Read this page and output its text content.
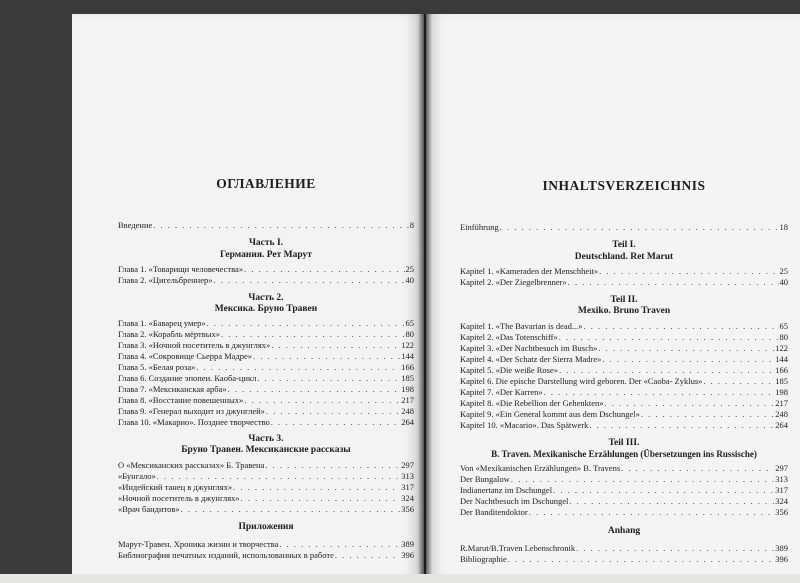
ОГЛАВЛЕНИЕ
Введение . . .	8
Часть I.
Германия. Рет Марут
Глава 1. «Товарищи человечества» . . .	25
Глава 2. «Цигельбреннер» . . .	40
Часть 2.
Мексика. Бруно Травен
Глава 1. «Баварец умер» . . .	65
Глава 2. «Корабль мёртвых» . . .	80
Глава 3. «Ночной посетитель в джунглях» . . .	122
Глава 4. «Сокровище Сьерра Мадре» . . .	144
Глава 5. «Белая роза» . . .	166
Глава 6. Создание эпопеи. Каоба-цикл . . .	185
Глава 7. «Мексиканская арба» . . .	198
Глава 8. «Восстание повешенных» . . .	217
Глава 9. «Генерал выходит из джунглей» . . .	248
Глава 10. «Макарио». Позднее творчество . . .	264
Часть 3.
Бруно Травен. Мексиканские рассказы
О «Мексиканских рассказах» Б. Травена . . .	297
«Бунгало» . . .	313
«Индейский танец в джунглях» . . .	317
«Ночной посетитель в джунглях» . . .	324
«Врач бандитов» . . .	356
Приложения
Марут-Травен. Хроника жизни и творчества . . .	389
Библиография печатных изданий, использованных в работе . . .	396
INHALTSVERZEICHNIS
Einführung . . .	18
Teil I.
Deutschland. Ret Marut
Kapitel 1. «Kameraden der Menschheit» . . .	25
Kapitel 2. «Der Ziegelbrenner» . . .	40
Teil II.
Mexiko. Bruno Traven
Kapitel 1. «The Bavarian is dead...» . . .	65
Kapitel 2. «Das Totenschiff» . . .	80
Kapitel 3. «Der Nachtbesuch im Busch» . . .	122
Kapitel 4. «Der Schatz der Sierra Madre» . . .	144
Kapitel 5. «Die weiße Rose» . . .	166
Kapitel 6. Die epische Darstellung wird geboren. Der «Caoba- Zyklus» . . .	185
Kapitel 7. «Der Karren» . . .	198
Kapitel 8. «Die Rebellion der Gehenkten» . . .	217
Kapitel 9. «Ein General kommt aus dem Dschungel» . . .	248
Kapitel 10. «Macario». Das Spätwerk . . .	264
Teil III.
B. Traven. Mexikanische Erzählungen (Übersetzungen ins Russische)
Von «Mexikanischen Erzählungen» B. Travens . . .	297
Der Bungalow . . .	313
Indianertanz im Dschungel . . .	317
Der Nachtbesuch im Dschungel . . .	324
Der Banditendoktor . . .	356
Anhang
R.Marut/B.Traven Lebenschronik . . .	389
Bibliographie . . .	396
